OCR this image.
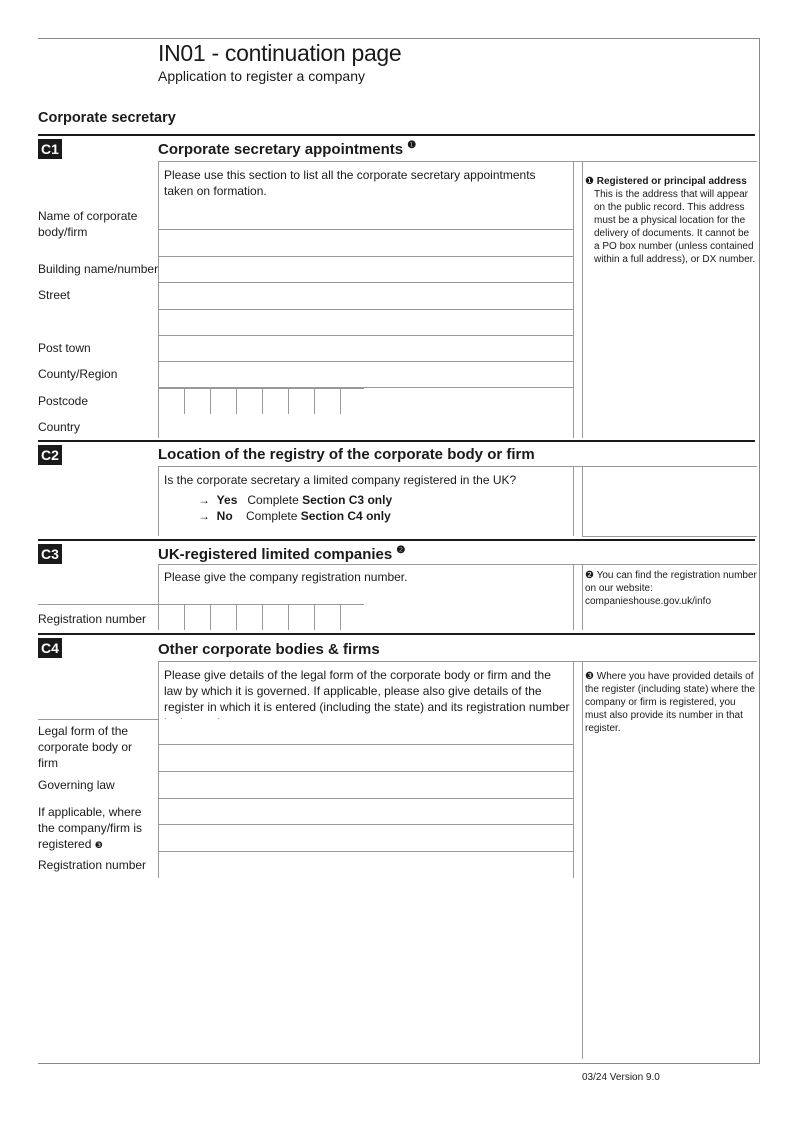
IN01 - continuation page
Application to register a company
Corporate secretary
C1	Corporate secretary appointments $^❶$
Please use this section to list all the corporate secretary appointments taken on formation.
Name of corporate body/firm
Building name/number
Street
Post town
County/Region
Postcode
Country
❶ Registered or principal address
This is the address that will appear on the public record. This address must be a physical location for the delivery of documents. It cannot be a PO box number (unless contained within a full address), or DX number.
C2	Location of the registry of the corporate body or firm
Is the corporate secretary a limited company registered in the UK?
→ Yes Complete Section C3 only
→ No Complete Section C4 only
C3	UK-registered limited companies $^❷$
Please give the company registration number.
Registration number
❷ You can find the registration number on our website: companieshouse.gov.uk/info
C4	Other corporate bodies & firms
Please give details of the legal form of the corporate body or firm and the law by which it is governed. If applicable, please also give details of the register in which it is entered (including the state) and its registration number
Legal form of the corporate body or firm
Governing law
If applicable, where the company/firm is registered ❸
Registration number
❸ Where you have provided details of the register (including state) where the company or firm is registered, you must also provide its number in that register.
03/24 Version 9.0
